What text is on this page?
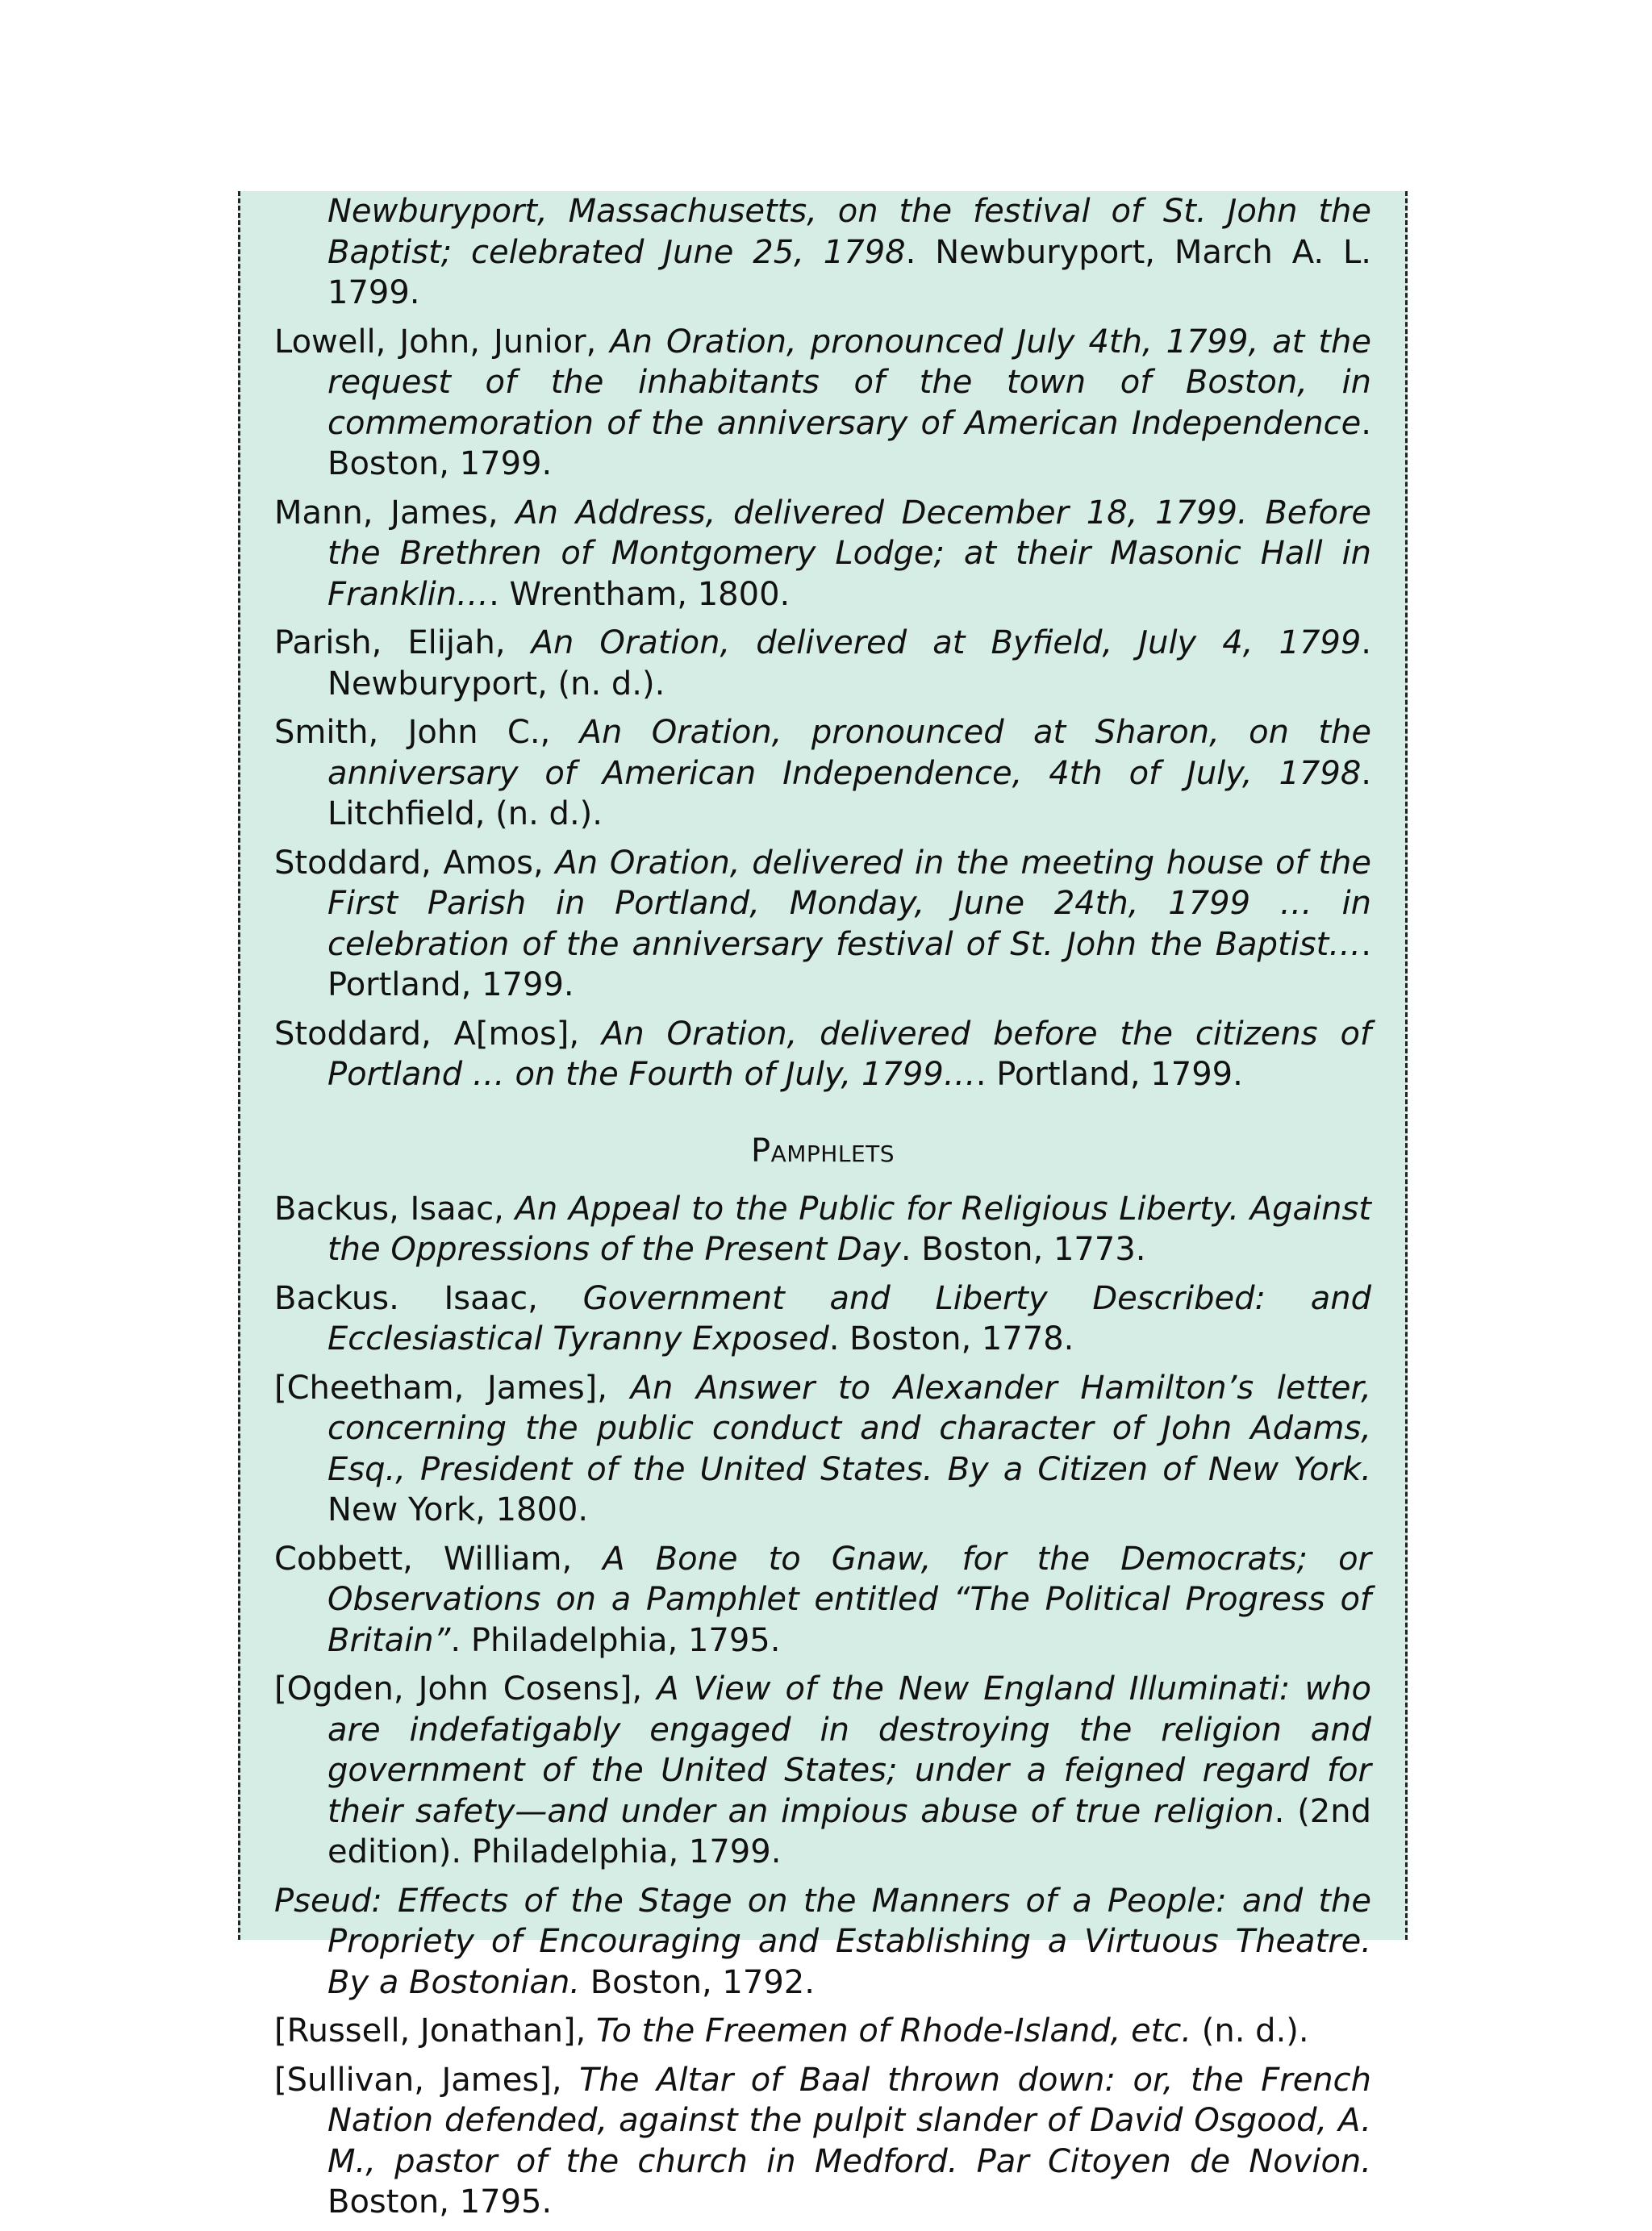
Newburyport, Massachusetts, on the festival of St. John the Baptist; celebrated June 25, 1798. Newburyport, March A. L. 1799.

Lowell, John, Junior, An Oration, pronounced July 4th, 1799, at the request of the inhabitants of the town of Boston, in commemoration of the anniversary of American Independence. Boston, 1799.

Mann, James, An Address, delivered December 18, 1799. Before the Brethren of Montgomery Lodge; at their Masonic Hall in Franklin…. Wrentham, 1800.

Parish, Elijah, An Oration, delivered at Byfield, July 4, 1799. Newburyport, (n. d.).

Smith, John C., An Oration, pronounced at Sharon, on the anniversary of American Independence, 4th of July, 1798. Litchfield, (n. d.).

Stoddard, Amos, An Oration, delivered in the meeting house of the First Parish in Portland, Monday, June 24th, 1799 … in celebration of the anniversary festival of St. John the Baptist…. Portland, 1799.

Stoddard, A[mos], An Oration, delivered before the citizens of Portland … on the Fourth of July, 1799…. Portland, 1799.

Pamphlets

Backus, Isaac, An Appeal to the Public for Religious Liberty. Against the Oppressions of the Present Day. Boston, 1773.

Backus. Isaac, Government and Liberty Described: and Ecclesiastical Tyranny Exposed. Boston, 1778.

[Cheetham, James], An Answer to Alexander Hamilton’s letter, concerning the public conduct and character of John Adams, Esq., President of the United States. By a Citizen of New York. New York, 1800.

Cobbett, William, A Bone to Gnaw, for the Democrats; or Observations on a Pamphlet entitled “The Political Progress of Britain”. Philadelphia, 1795.

[Ogden, John Cosens], A View of the New England Illuminati: who are indefatigably engaged in destroying the religion and government of the United States; under a feigned regard for their safety—and under an impious abuse of true religion. (2nd edition). Philadelphia, 1799.

Pseud: Effects of the Stage on the Manners of a People: and the Propriety of Encouraging and Establishing a Virtuous Theatre. By a Bostonian. Boston, 1792.

[Russell, Jonathan], To the Freemen of Rhode-Island, etc. (n. d.).

[Sullivan, James], The Altar of Baal thrown down: or, the French Nation defended, against the pulpit slander of David Osgood, A. M., pastor of the church in Medford. Par Citoyen de Novion. Boston, 1795.
